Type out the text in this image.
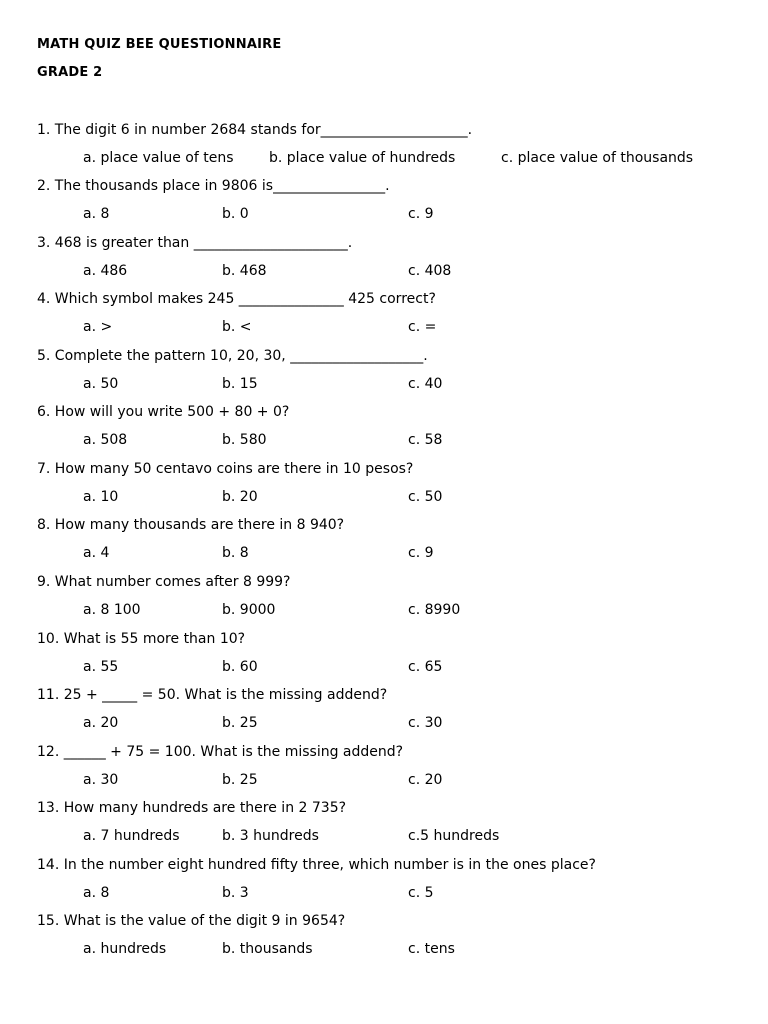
MATH QUIZ BEE QUESTIONNAIRE
GRADE 2
1. The digit 6 in number 2684 stands for_____________________.
a. place value of tens	b. place value of hundreds	c. place value of thousands
2. The thousands place in 9806 is________________.
a. 8	b. 0	c. 9
3. 468 is greater than ______________________.
a. 486	b. 468	c. 408
4. Which symbol makes 245 _______________ 425 correct?
a. >	b. <	c. =
5. Complete the pattern 10, 20, 30, ___________________.
a. 50	b. 15	c. 40
6. How will you write 500 + 80 + 0?
a. 508	b. 580	c. 58
7. How many 50 centavo coins are there in 10 pesos?
a. 10	b. 20	c. 50
8. How many thousands are there in 8 940?
a. 4	b. 8	c. 9
9. What number comes after 8 999?
a. 8 100	b. 9000	c. 8990
10. What is 55 more than 10?
a. 55	b. 60	c. 65
11. 25 + _____ = 50. What is the missing addend?
a. 20	b. 25	c. 30
12. ______ + 75 = 100. What is the missing addend?
a. 30	b. 25	c. 20
13. How many hundreds are there in 2 735?
a. 7 hundreds	b. 3 hundreds	c.5 hundreds
14. In the number eight hundred fifty three, which number is in the ones place?
a. 8	b. 3	c. 5
15. What is the value of the digit 9 in 9654?
a. hundreds	b. thousands	c. tens
